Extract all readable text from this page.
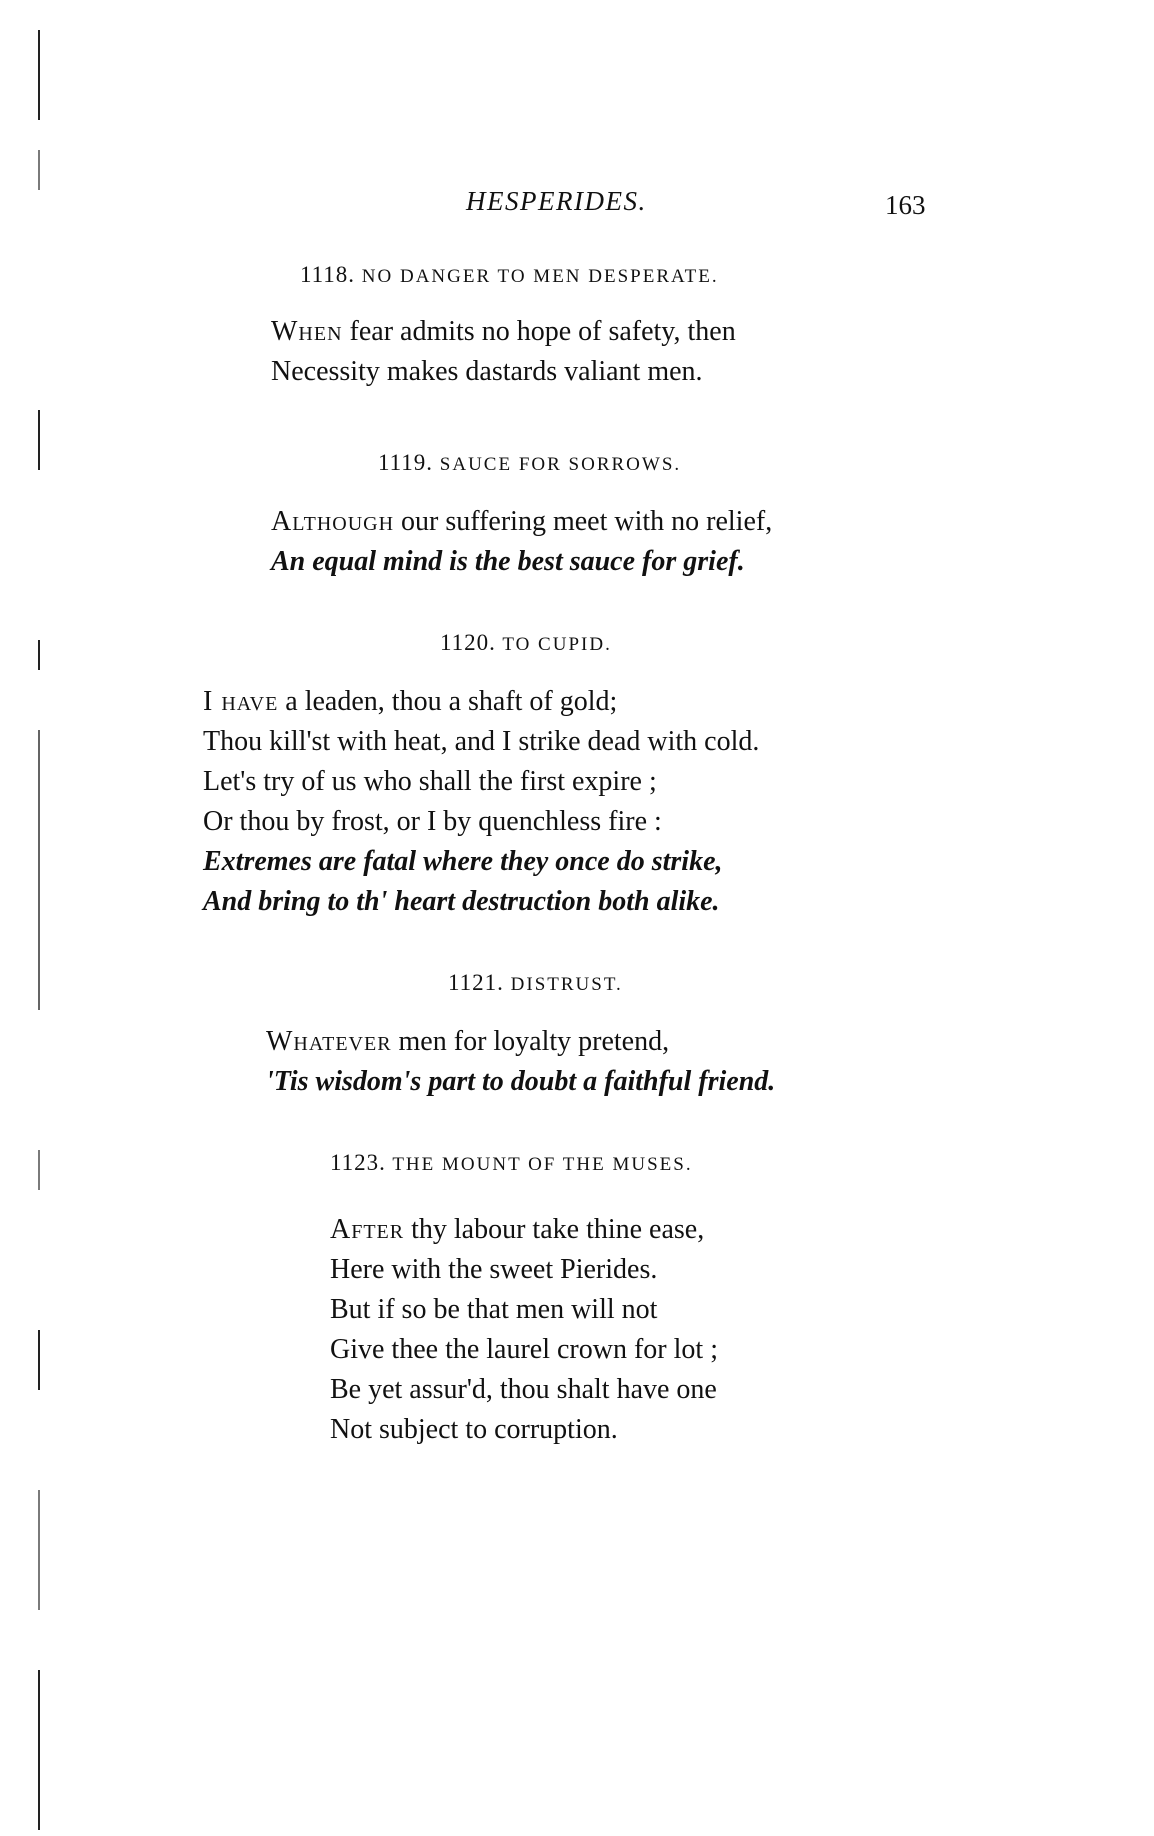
HESPERIDES.	163
1118. NO DANGER TO MEN DESPERATE.
When fear admits no hope of safety, then
Necessity makes dastards valiant men.
1119. SAUCE FOR SORROWS.
Although our suffering meet with no relief,
An equal mind is the best sauce for grief.
1120. TO CUPID.
I have a leaden, thou a shaft of gold;
Thou kill'st with heat, and I strike dead with cold.
Let's try of us who shall the first expire ;
Or thou by frost, or I by quenchless fire :
Extremes are fatal where they once do strike,
And bring to th' heart destruction both alike.
1121. DISTRUST.
Whatever men for loyalty pretend,
'Tis wisdom's part to doubt a faithful friend.
1123. THE MOUNT OF THE MUSES.
After thy labour take thine ease,
Here with the sweet Pierides.
But if so be that men will not
Give thee the laurel crown for lot ;
Be yet assur'd, thou shalt have one
Not subject to corruption.
